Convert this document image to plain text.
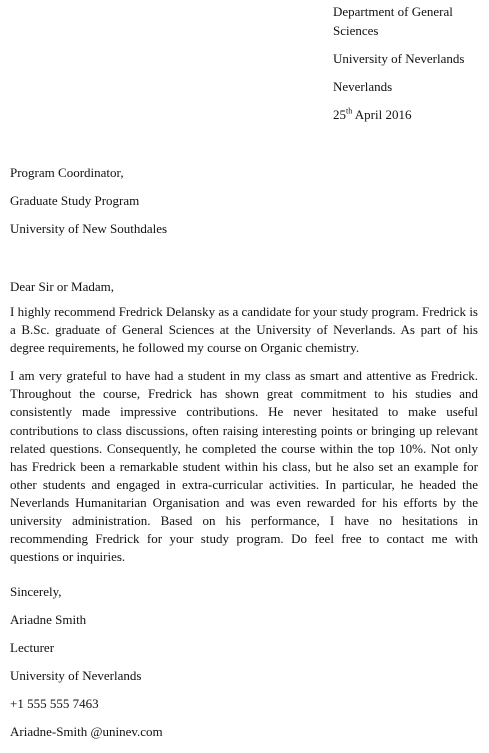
Department of General Sciences
University of Neverlands
Neverlands
25th April 2016
Program Coordinator,
Graduate Study Program
University of New Southdales
Dear Sir or Madam,

I highly recommend Fredrick Delansky as a candidate for your study program. Fredrick is a B.Sc. graduate of General Sciences at the University of Neverlands. As part of his degree requirements, he followed my course on Organic chemistry.

I am very grateful to have had a student in my class as smart and attentive as Fredrick. Throughout the course, Fredrick has shown great commitment to his studies and consistently made impressive contributions. He never hesitated to make useful contributions to class discussions, often raising interesting points or bringing up relevant related questions. Consequently, he completed the course within the top 10%. Not only has Fredrick been a remarkable student within his class, but he also set an example for other students and engaged in extra-curricular activities. In particular, he headed the Neverlands Humanitarian Organisation and was even rewarded for his efforts by the university administration. Based on his performance, I have no hesitations in recommending Fredrick for your study program. Do feel free to contact me with questions or inquiries.

Sincerely,
Ariadne Smith
Lecturer
University of Neverlands
+1 555 555 7463
Ariadne-Smith @uninev.com
